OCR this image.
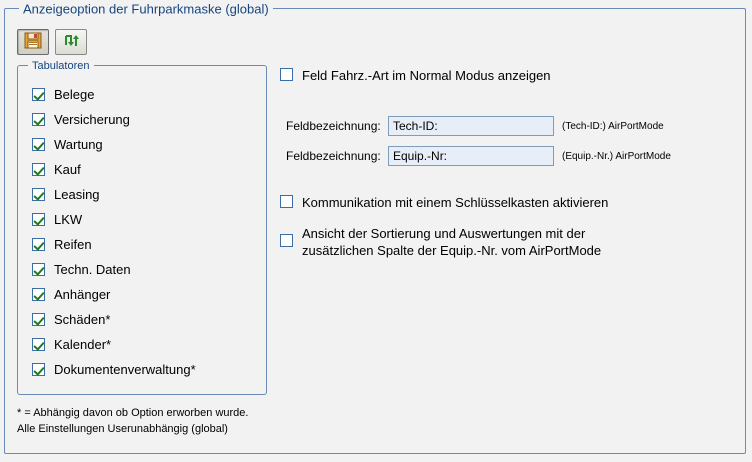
Anzeigeoption der Fuhrparkmaske (global)
Tabulatoren
Belege
Versicherung
Wartung
Kauf
Leasing
LKW
Reifen
Techn. Daten
Anhänger
Schäden*
Kalender*
Dokumentenverwaltung*
* = Abhängig davon ob Option erworben wurde.
Alle Einstellungen Userunabhängig (global)
Feld Fahrz.-Art im Normal Modus anzeigen
Feldbezeichnung:
Tech-ID:	(Tech-ID:) AirPortMode
Feldbezeichnung:
Equip.-Nr:	(Equip.-Nr.) AirPortMode
Kommunikation mit einem Schlüsselkasten aktivieren
Ansicht der Sortierung und Auswertungen mit der
zusätzlichen Spalte der Equip.-Nr. vom AirPortMode
